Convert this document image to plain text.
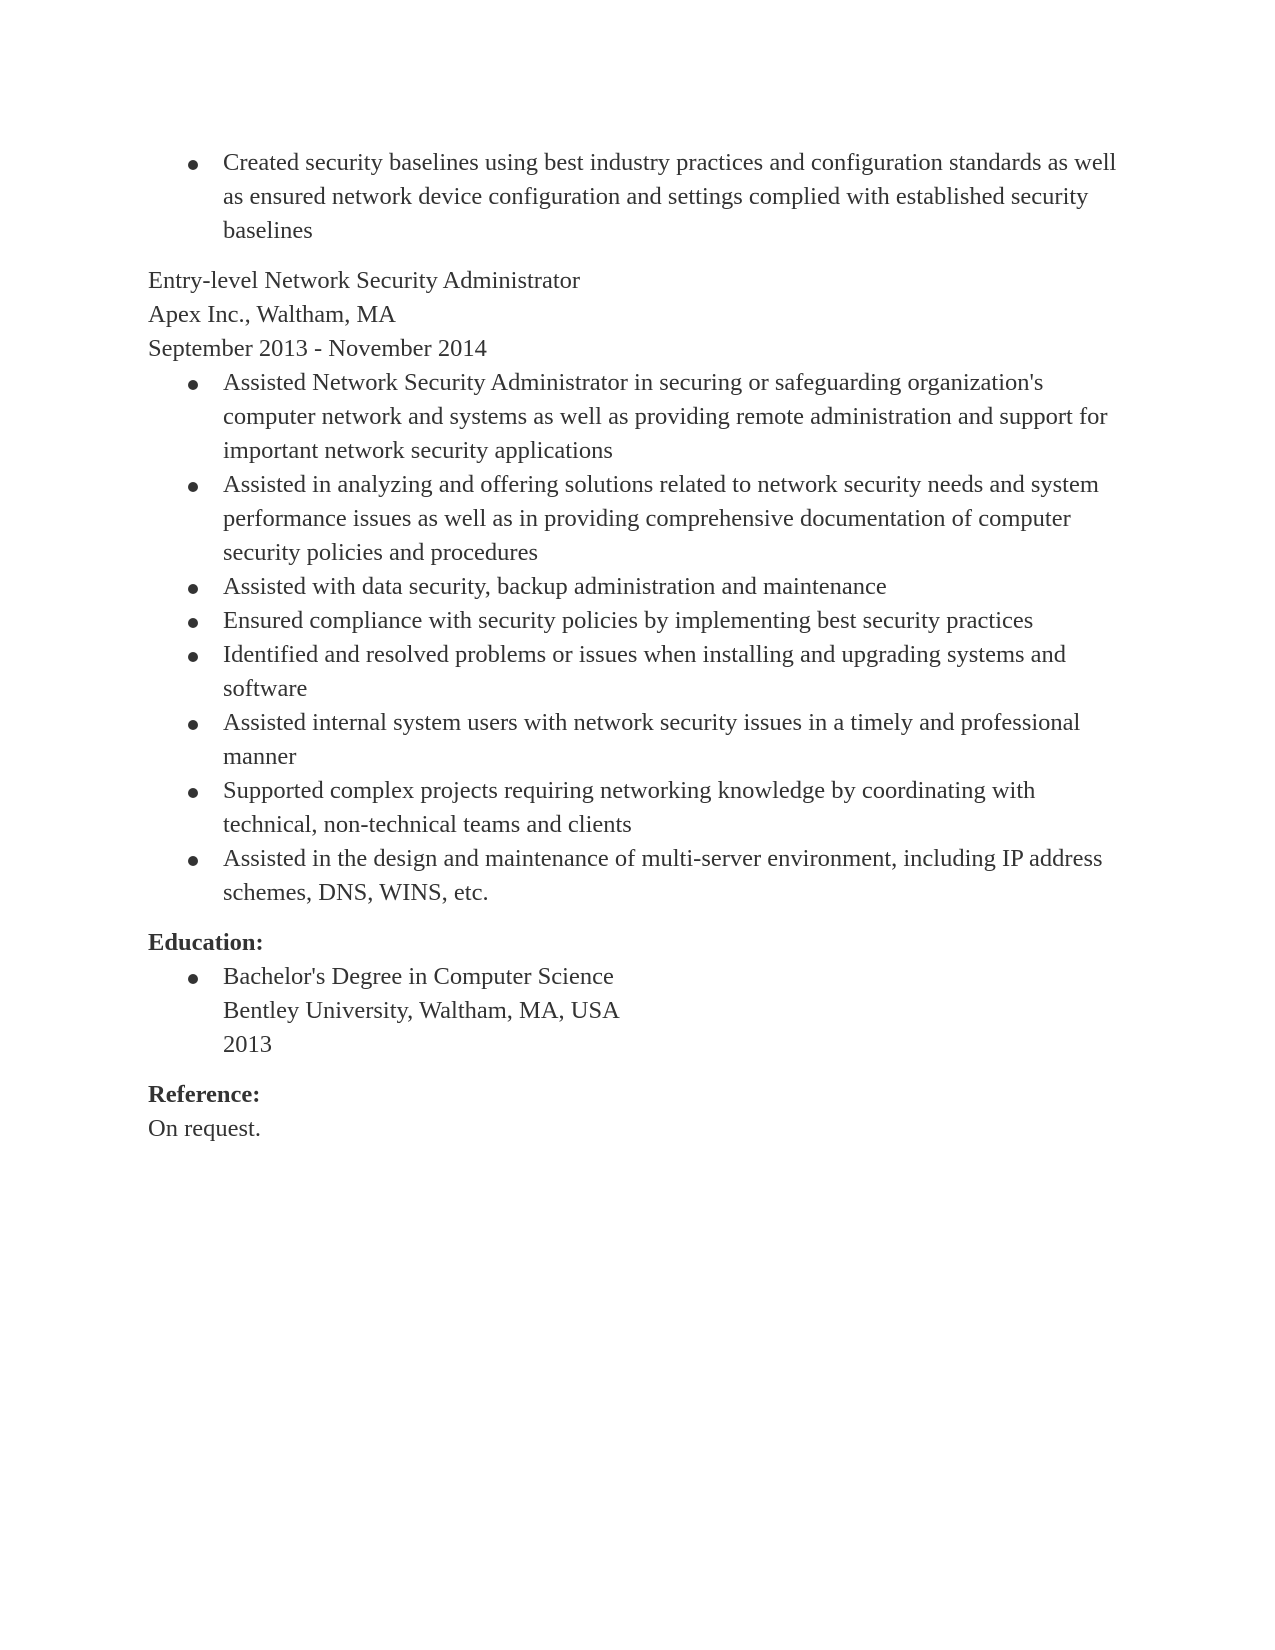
Created security baselines using best industry practices and configuration standards as well as ensured network device configuration and settings complied with established security baselines
Entry-level Network Security Administrator
Apex Inc., Waltham, MA
September 2013 - November 2014
Assisted Network Security Administrator in securing or safeguarding organization's computer network and systems as well as providing remote administration and support for important network security applications
Assisted in analyzing and offering solutions related to network security needs and system performance issues as well as in providing comprehensive documentation of computer security policies and procedures
Assisted with data security, backup administration and maintenance
Ensured compliance with security policies by implementing best security practices
Identified and resolved problems or issues when installing and upgrading systems and software
Assisted internal system users with network security issues in a timely and professional manner
Supported complex projects requiring networking knowledge by coordinating with technical, non-technical teams and clients
Assisted in the design and maintenance of multi-server environment, including IP address schemes, DNS, WINS, etc.
Education:
Bachelor's Degree in Computer Science
Bentley University, Waltham, MA, USA
2013
Reference:
On request.
